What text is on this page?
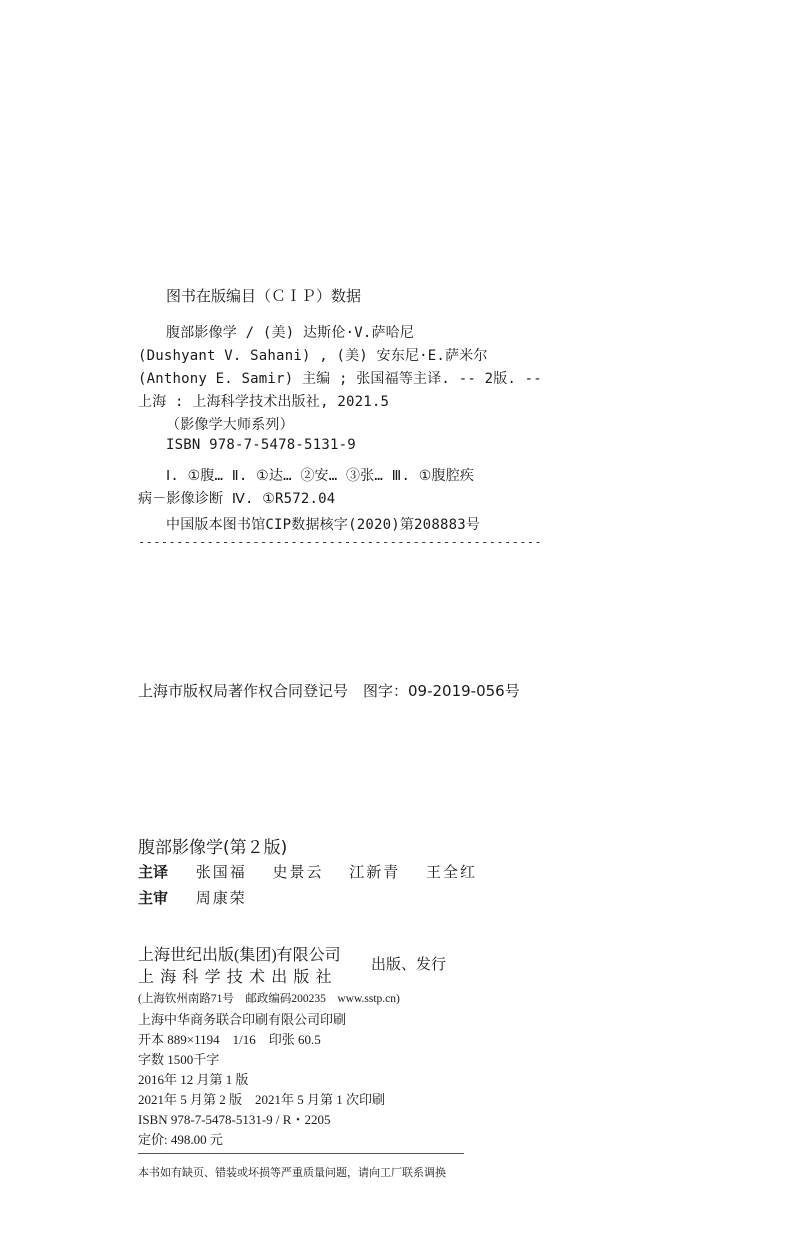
图书在版编目（ＣＩＰ）数据
腹部影像学 / (美) 达斯伦·V.萨哈尼
(Dushyant V. Sahani) , (美) 安东尼·E.萨米尔
(Anthony E. Samir) 主编 ; 张国福等主译. -- 2版. --
上海 : 上海科学技术出版社, 2021.5
（影像学大师系列）
ISBN 978-7-5478-5131-9
Ⅰ. ①腹… Ⅱ. ①达… ②安… ③张… Ⅲ. ①腹腔疾
病－影像诊断 Ⅳ. ①R572.04
中国版本图书馆CIP数据核字(2020)第208883号
-----------------------------------------------------
上海市版权局著作权合同登记号　图字：09-2019-056号
腹部影像学(第２版)
主译 张国福 史景云 江新青 王全红
主审 周康荣
上海世纪出版(集团)有限公司
上海科学技术出版社
出版、发行
(上海钦州南路71号　邮政编码200235　www.sstp.cn)
上海中华商务联合印刷有限公司印刷
开本 889×1194　1/16　印张 60.5
字数 1500千字
2016年 12 月第 1 版
2021年 5 月第 2 版　2021年 5 月第 1 次印刷
ISBN 978-7-5478-5131-9 / R・2205
定价: 498.00 元
本书如有缺页、错装或坏损等严重质量问题，请向工厂联系调换
